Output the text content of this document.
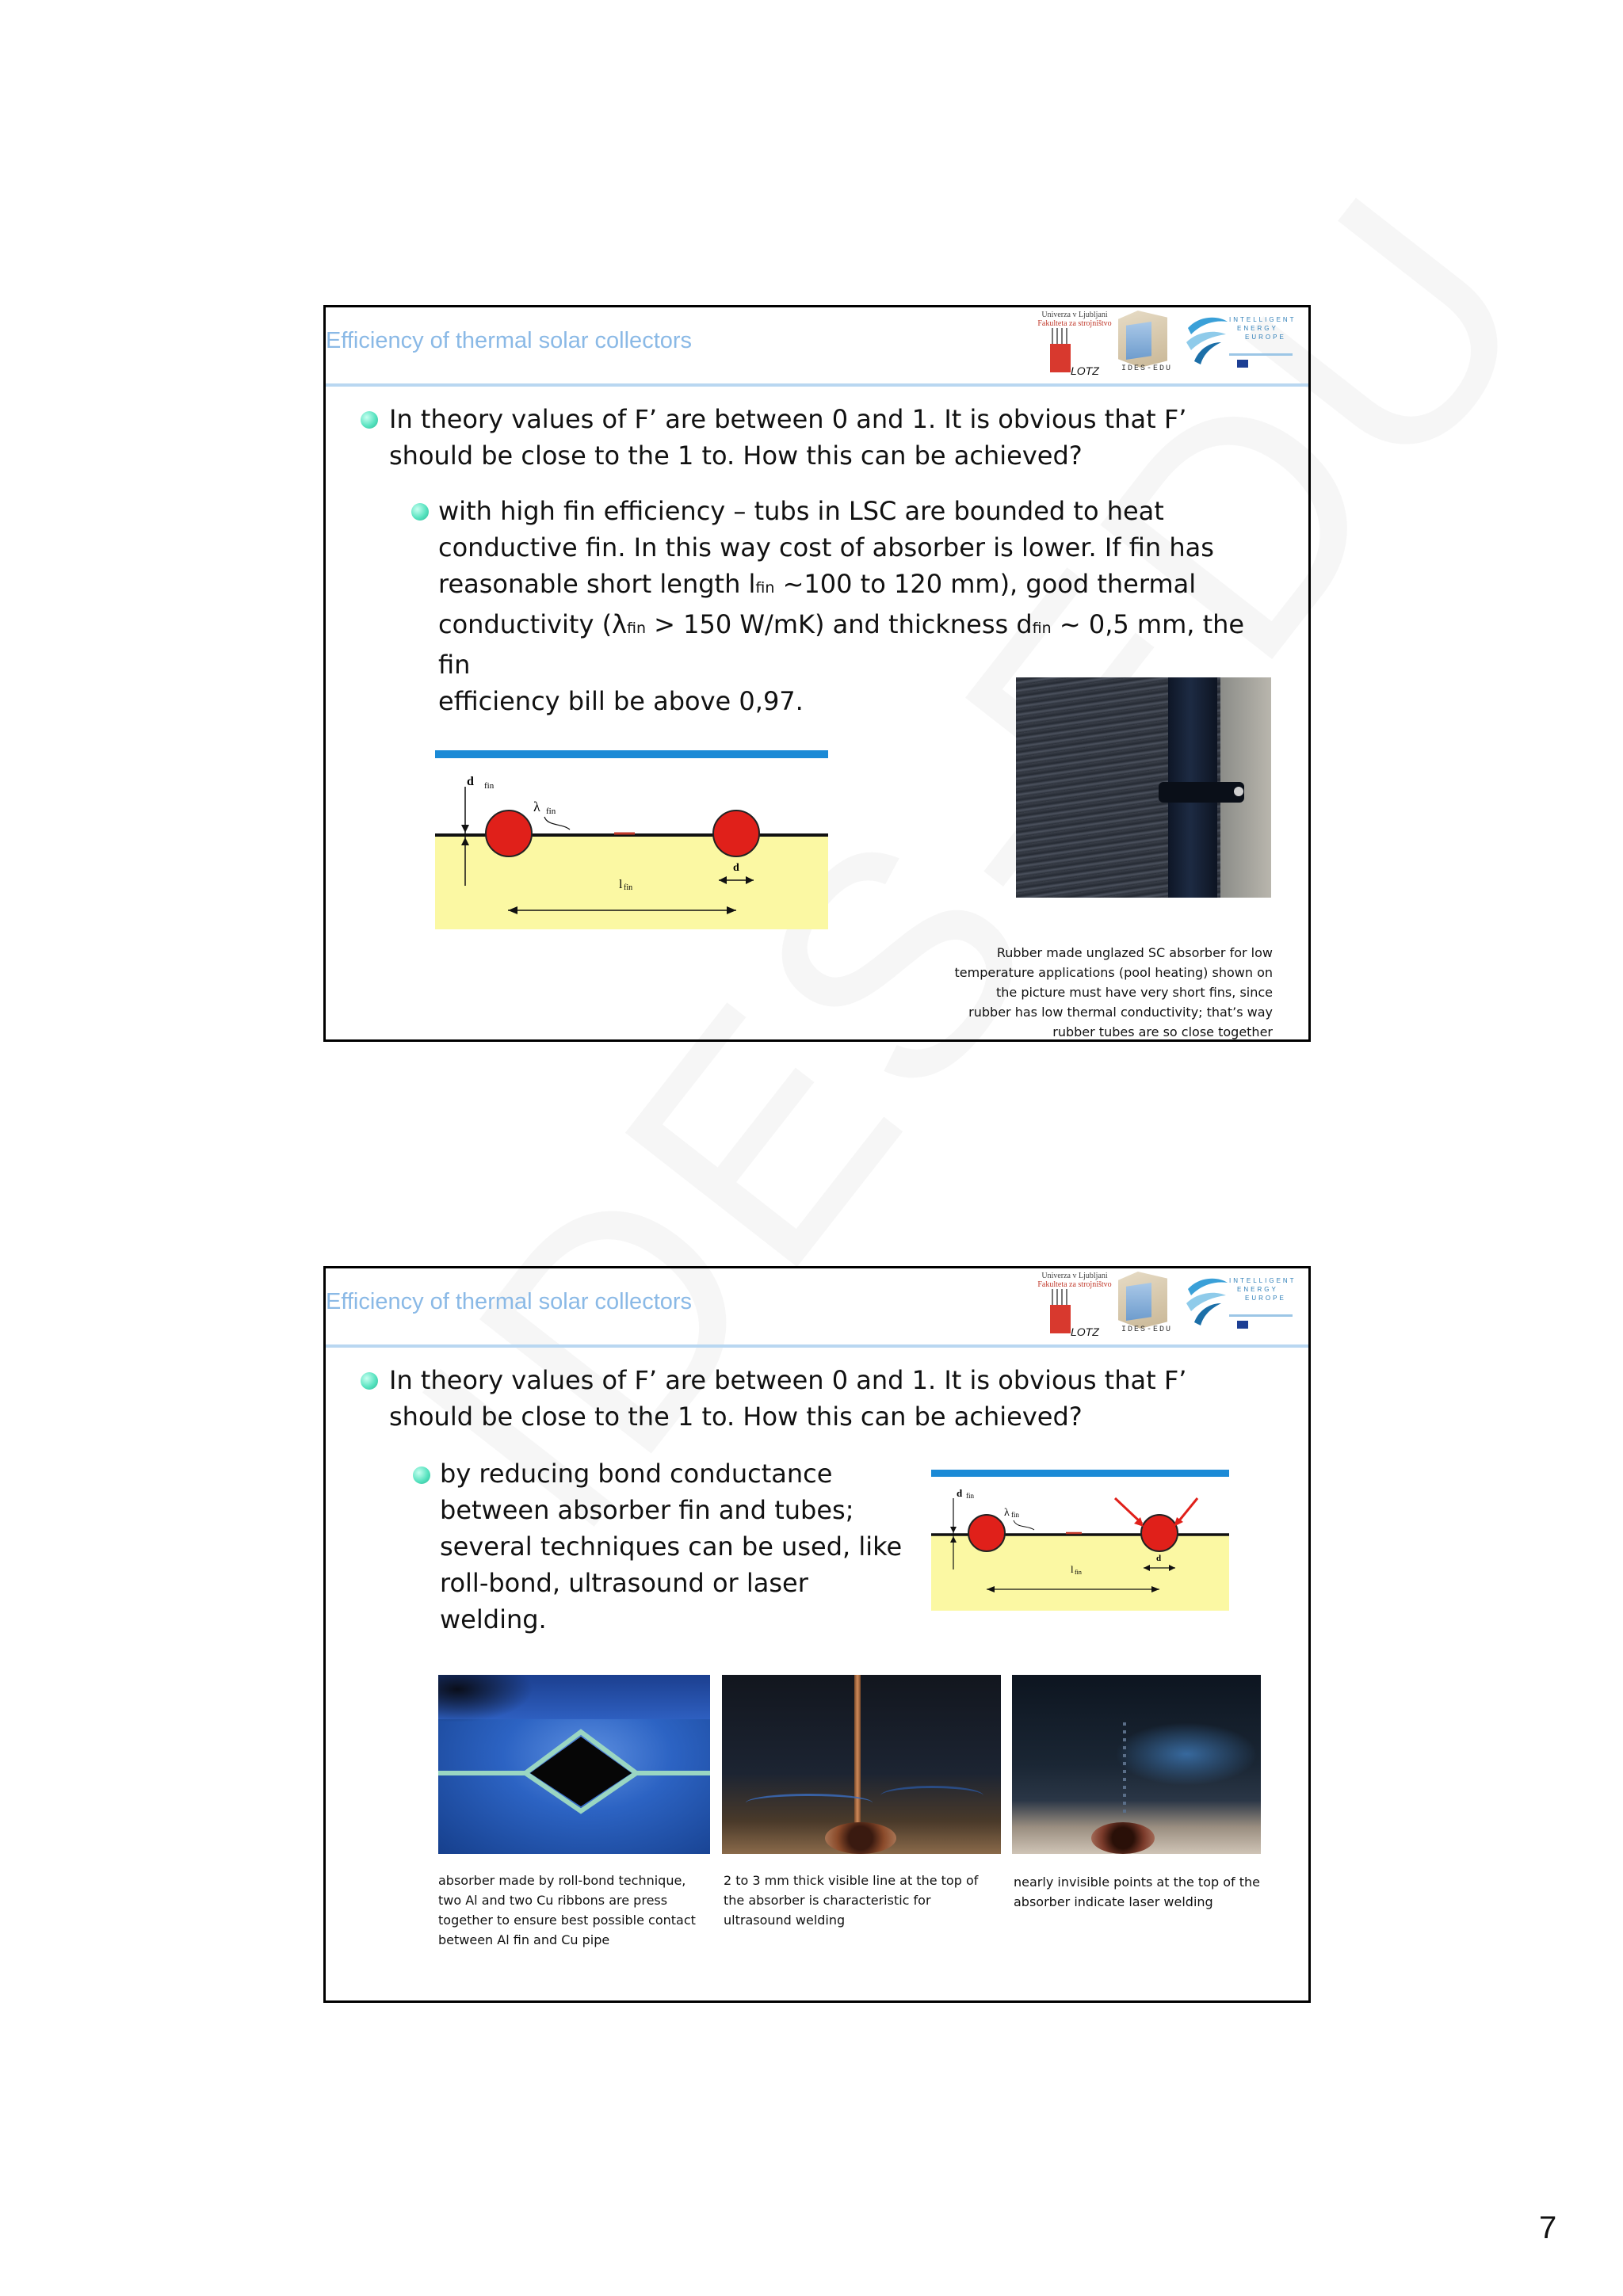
Efficiency of thermal solar collectors
Univerza v Ljubljani
Fakulteta za strojništvo
LOTZ	IDES-EDU
INTELLIGENT
ENERGY
EUROPE
In theory values of F’ are between 0 and 1. It is obvious that F’ should be close to the 1 to. How this can be achieved?
with high fin efficiency – tubs in LSC are bounded to heat
conductive fin. In this way cost of absorber is lower. If fin has
reasonable short length lfin ~100 to 120 mm), good thermal
conductivity (λfin > 150 W/mK) and thickness dfin ~ 0,5 mm, the fin
efficiency bill be above 0,97.
d fin
λ fin
l fin
d
Rubber made unglazed SC absorber for low
temperature applications (pool heating) shown on
the picture must have very short fins, since
rubber has low thermal conductivity; that’s way
rubber tubes are so close together
Efficiency of thermal solar collectors
Univerza v Ljubljani
Fakulteta za strojništvo
LOTZ	IDES-EDU
INTELLIGENT
ENERGY
EUROPE
In theory values of F’ are between 0 and 1. It is obvious that F’ should be close to the 1 to. How this can be achieved?
by reducing bond conductance
between absorber fin and tubes;
several techniques can be used, like
roll-bond, ultrasound or laser
welding.
d fin
λ fin
l fin
d
absorber made by roll-bond technique,
two Al and two Cu ribbons are press
together to ensure best possible contact
between Al fin and Cu pipe
2 to 3 mm thick visible line at the top of
the absorber is characteristic for
ultrasound welding
nearly invisible points at the top of the
absorber indicate laser welding
7
